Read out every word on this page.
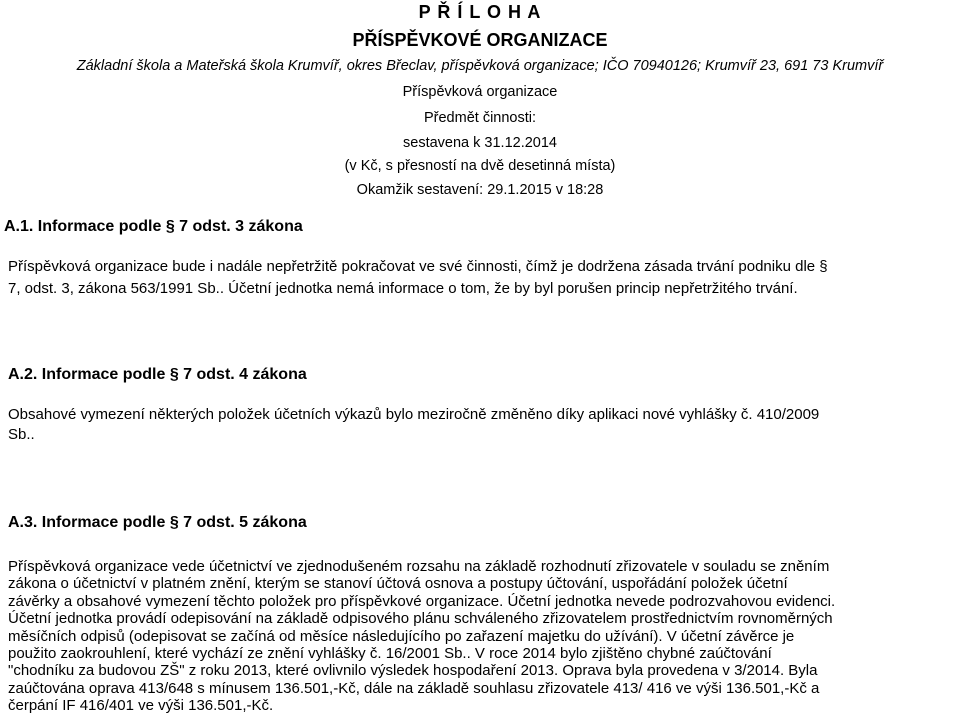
P Ř Í L O H A
PŘÍSPĚVKOVÉ ORGANIZACE
Základní škola a Mateřská škola Krumvíř, okres Břeclav, příspěvková organizace; IČO 70940126; Krumvíř 23, 691 73 Krumvíř
Příspěvková organizace
Předmět činnosti:
sestavena k 31.12.2014
(v Kč, s přesností na dvě desetinná místa)
Okamžik sestavení: 29.1.2015 v 18:28
A.1. Informace podle § 7 odst. 3 zákona
Příspěvková organizace bude i nadále nepřetržitě pokračovat ve své činnosti, čímž je dodržena zásada trvání podniku dle §
7, odst. 3, zákona 563/1991 Sb.. Účetní jednotka nemá informace o tom, že by byl porušen princip nepřetržitého trvání.
A.2. Informace podle § 7 odst. 4 zákona
Obsahové vymezení některých položek účetních výkazů bylo meziročně změněno díky aplikaci nové vyhlášky č. 410/2009
Sb..
A.3. Informace podle § 7 odst. 5 zákona
Příspěvková organizace vede účetnictví ve zjednodušeném rozsahu na základě rozhodnutí zřizovatele v souladu se zněním
zákona o účetnictví v platném znění, kterým se stanoví účtová osnova a postupy účtování, uspořádání položek účetní
závěrky a obsahové vymezení těchto položek pro příspěvkové organizace. Účetní jednotka nevede podrozvahovou evidenci.
Účetní jednotka provádí odepisování na základě odpisového plánu schváleného zřizovatelem prostřednictvím rovnoměrných
měsíčních odpisů (odepisovat se začíná od měsíce následujícího po zařazení majetku do užívání). V účetní závěrce je
použito zaokrouhlení, které vychází ze znění vyhlášky č. 16/2001 Sb.. V roce 2014 bylo zjištěno chybné zaúčtování
"chodníku za budovou ZŠ" z roku 2013, které ovlivnilo výsledek hospodaření 2013. Oprava byla provedena v 3/2014. Byla
zaúčtována oprava 413/648 s mínusem 136.501,-Kč, dále na základě souhlasu zřizovatele 413/ 416 ve výši 136.501,-Kč a
čerpání IF 416/401 ve výši 136.501,-Kč.
